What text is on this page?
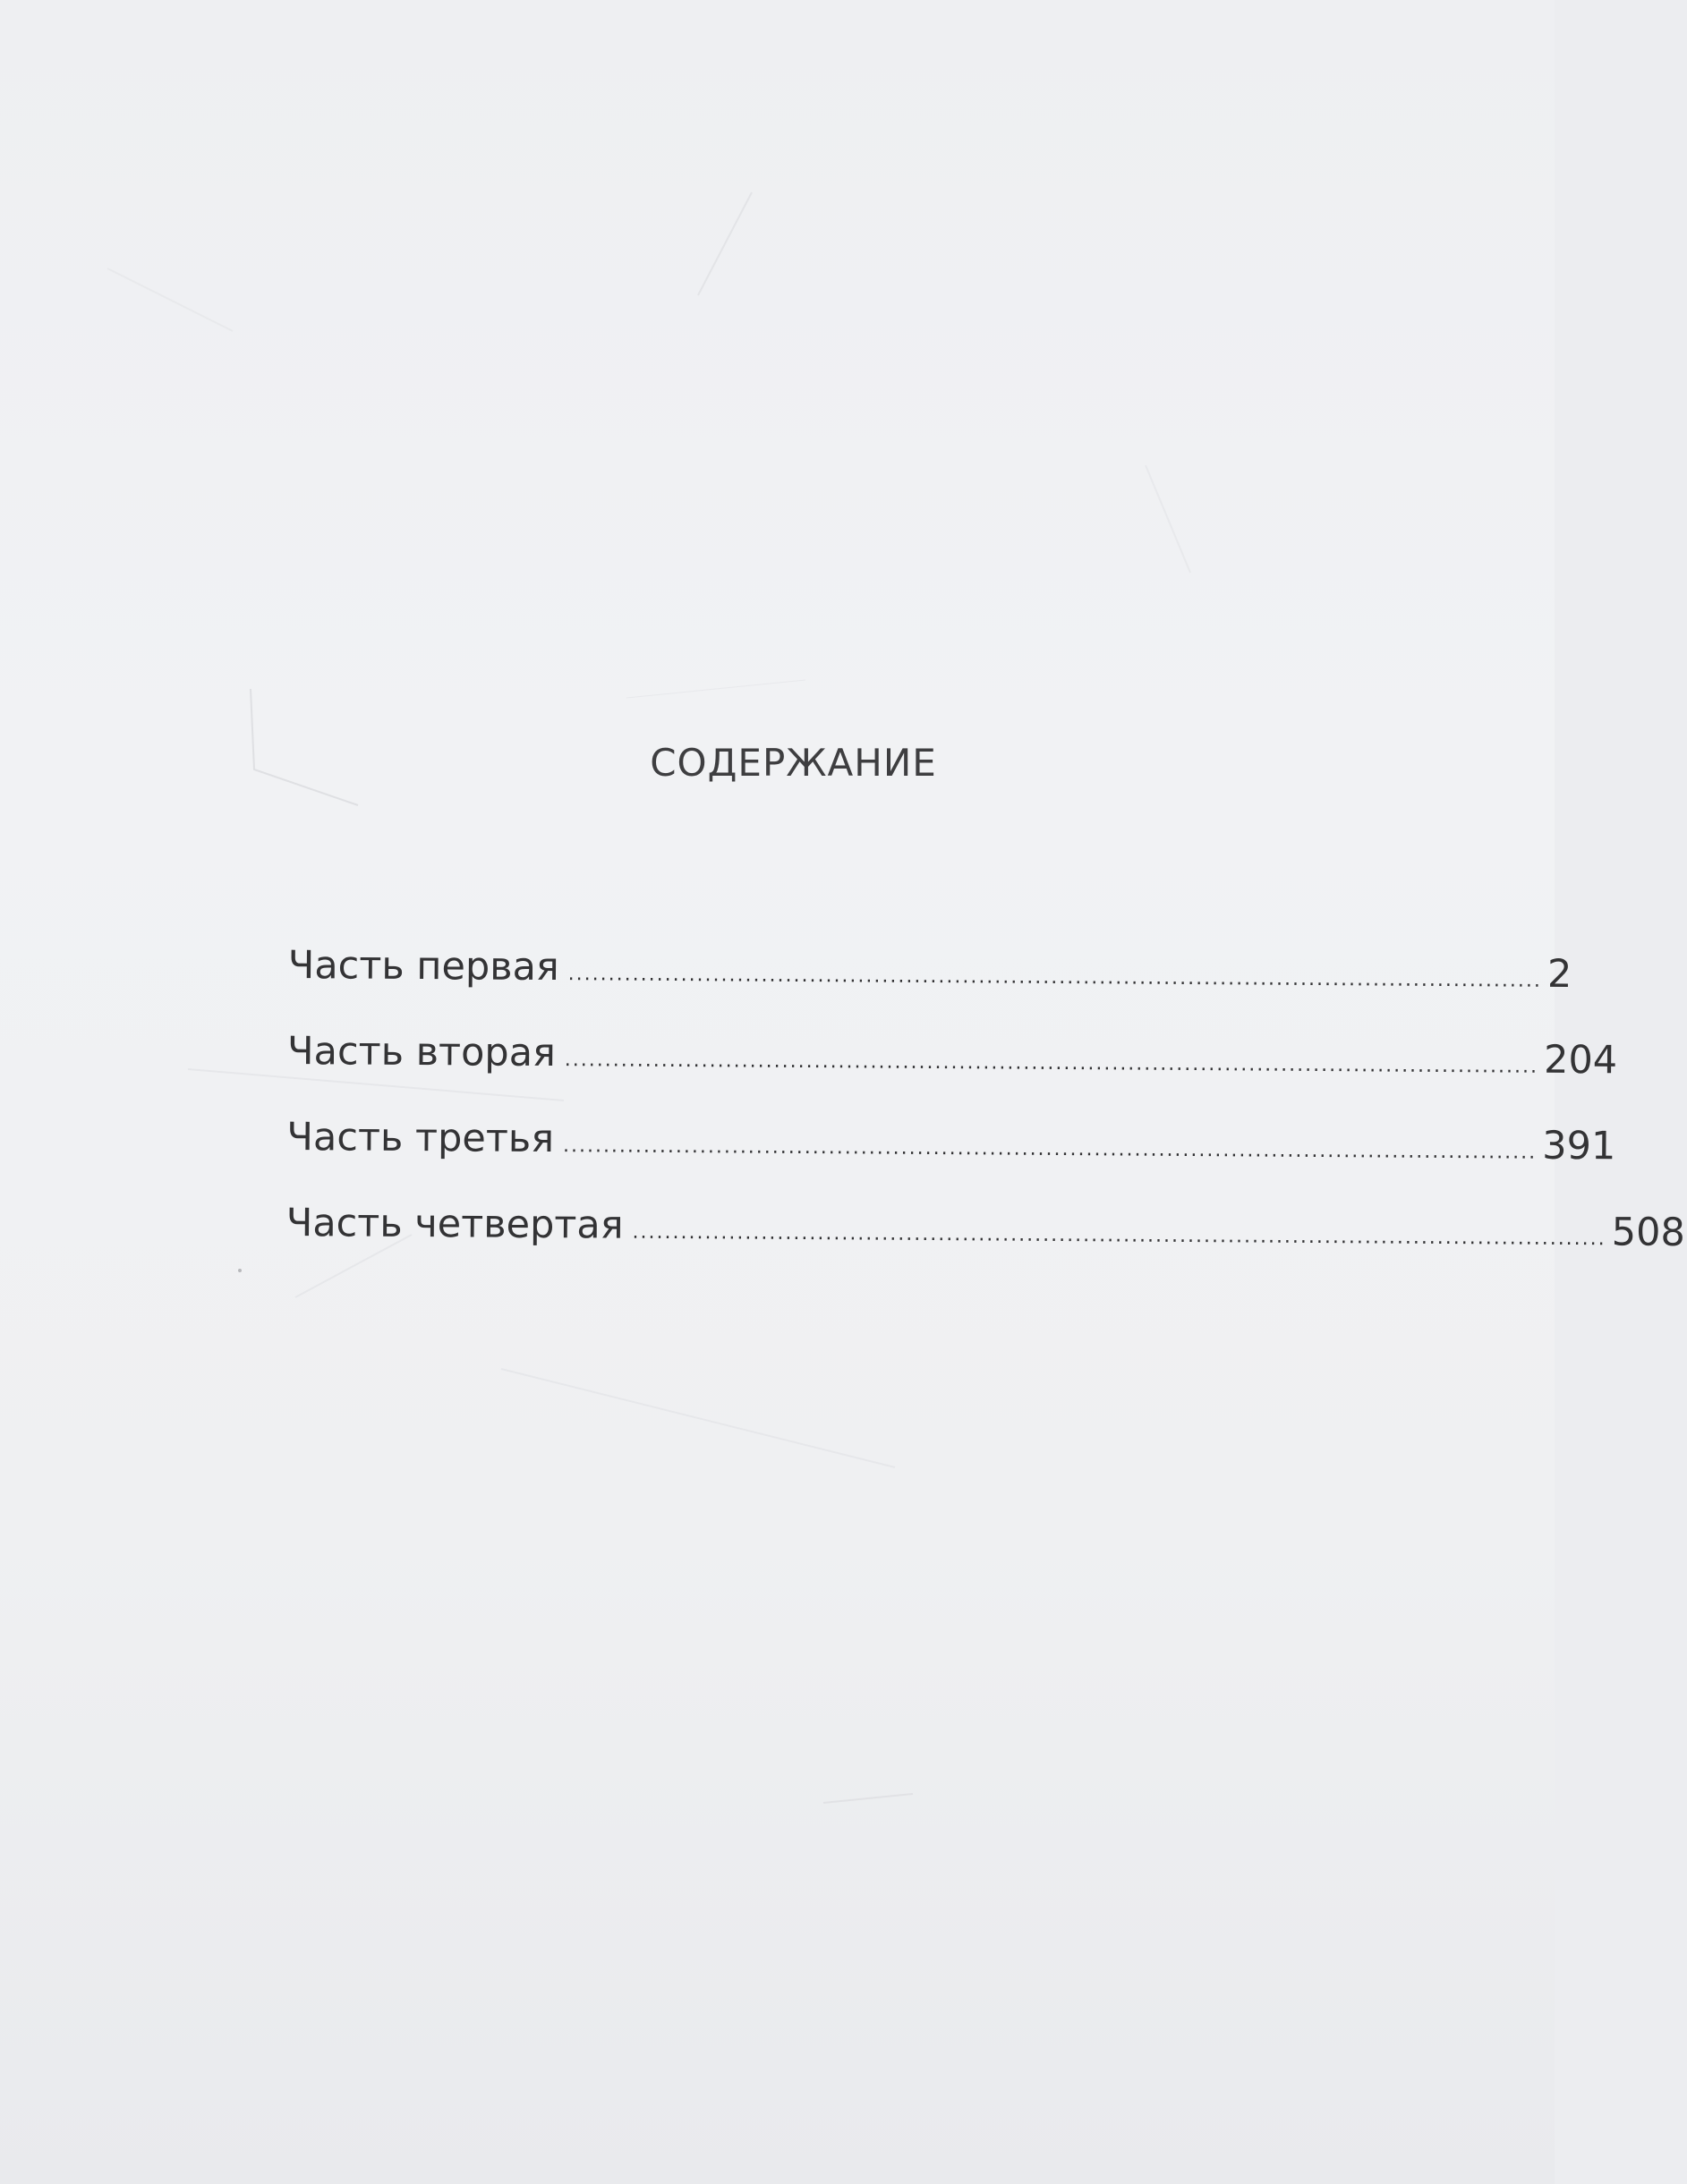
СОДЕРЖАНИЕ
Часть первая ......................................................................................................................... 2
Часть вторая ......................................................................................................................... 204
Часть третья ......................................................................................................................... 391
Часть четвертая ......................................................................................................................... 508
